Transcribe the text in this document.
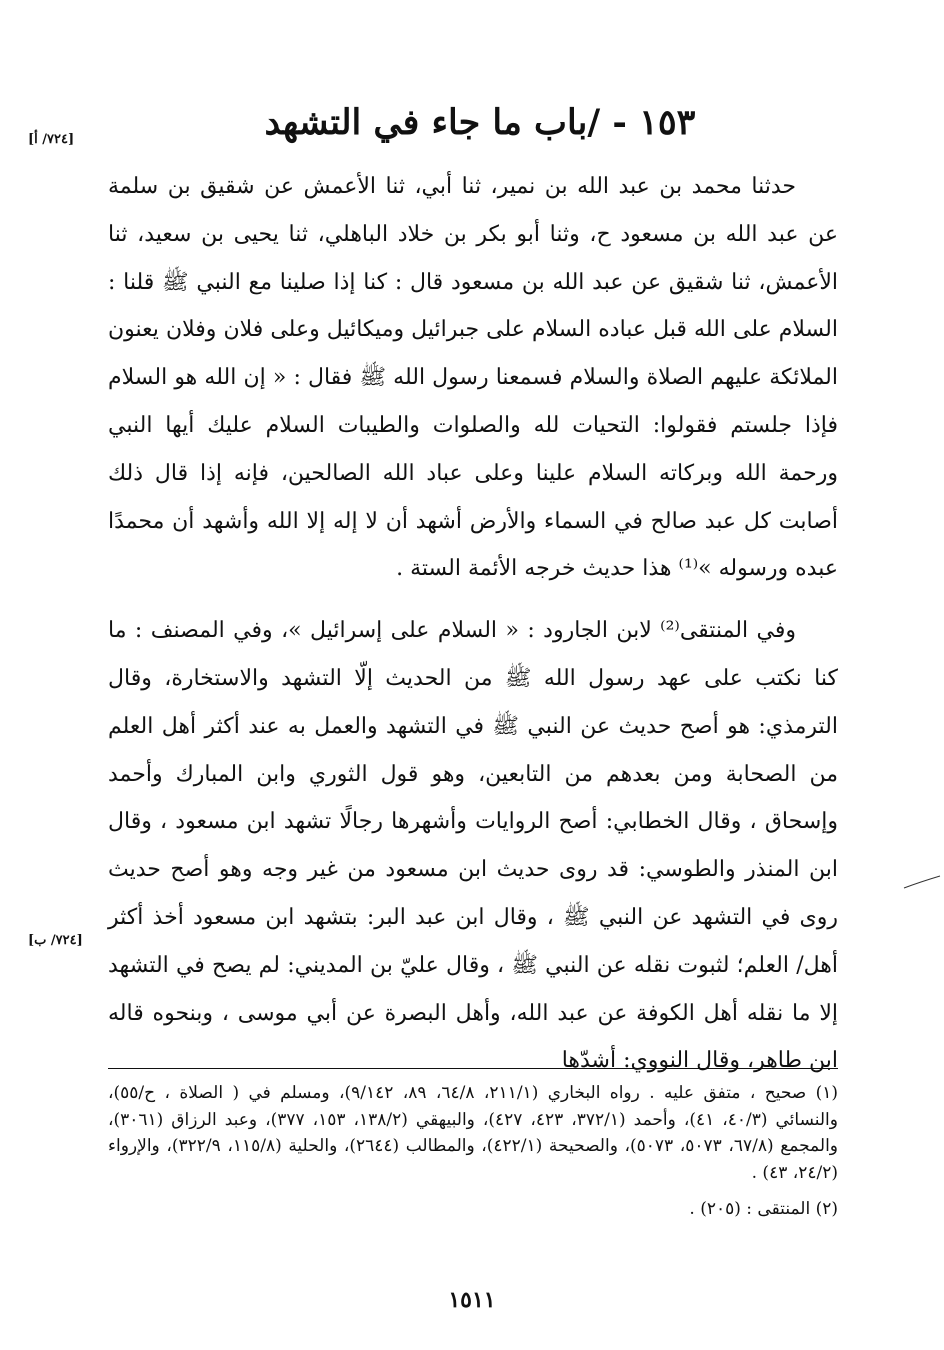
١٥٣ - /باب ما جاء في التشهد
[٧٢٤/ أ]
[٧٢٤/ ب]

حدثنا محمد بن عبد الله بن نمير، ثنا أبي، ثنا الأعمش عن شقيق بن سلمة عن عبد الله بن مسعود ح، وثنا أبو بكر بن خلاد الباهلي، ثنا يحيى بن سعيد، ثنا الأعمش، ثنا شقيق عن عبد الله بن مسعود قال : كنا إذا صلينا مع النبي ﷺ قلنا : السلام على الله قبل عباده السلام على جبرائيل وميكائيل وعلى فلان وفلان يعنون الملائكة عليهم الصلاة والسلام فسمعنا رسول الله ﷺ فقال : « إن الله هو السلام فإذا جلستم فقولوا: التحيات لله والصلوات والطيبات السلام عليك أيها النبي ورحمة الله وبركاته السلام علينا وعلى عباد الله الصالحين، فإنه إذا قال ذلك أصابت كل عبد صالح في السماء والأرض أشهد أن لا إله إلا الله وأشهد أن محمدًا عبده ورسوله »⁽¹⁾ هذا حديث خرجه الأئمة الستة .

وفي المنتقى⁽²⁾ لابن الجارود : « السلام على إسرائيل »، وفي المصنف : ما كنا نكتب على عهد رسول الله ﷺ من الحديث إلّا التشهد والاستخارة، وقال الترمذي: هو أصح حديث عن النبي ﷺ في التشهد والعمل به عند أكثر أهل العلم من الصحابة ومن بعدهم من التابعين، وهو قول الثوري وابن المبارك وأحمد وإسحاق ، وقال الخطابي: أصح الروايات وأشهرها رجالًا تشهد ابن مسعود ، وقال ابن المنذر والطوسي: قد روى حديث ابن مسعود من غير وجه وهو أصح حديث روى في التشهد عن النبي ﷺ ، وقال ابن عبد البر: بتشهد ابن مسعود أخذ أكثر أهل/ العلم؛ لثبوت نقله عن النبي ﷺ ، وقال عليّ بن المديني: لم يصح في التشهد إلا ما نقله أهل الكوفة عن عبد الله، وأهل البصرة عن أبي موسى ، وبنحوه قاله ابن طاهر، وقال النووي: أشدّها

(١) صحيح ، متفق عليه . رواه البخاري (٢١١/١، ٦٤/٨، ٨٩، ٩/١٤٢)، ومسلم في ( الصلاة ، ح/٥٥)، والنسائي (٤٠/٣، ٤١)، وأحمد (٣٧٢/١، ٤٢٣، ٤٢٧)، والبيهقي (١٣٨/٢، ١٥٣، ٣٧٧)، وعبد الرزاق (٣٠٦١)، والمجمع (٦٧/٨، ٥٠٧٣، ٥٠٧٣)، والصحيحة (٤٢٢/١)، والمطالب (٢٦٤٤)، والحلية (١١٥/٨، ٣٢٢/٩)، والإرواء (٢٤/٢، ٤٣) .

(٢) المنتقى : (٢٠٥) .

١٥١١
